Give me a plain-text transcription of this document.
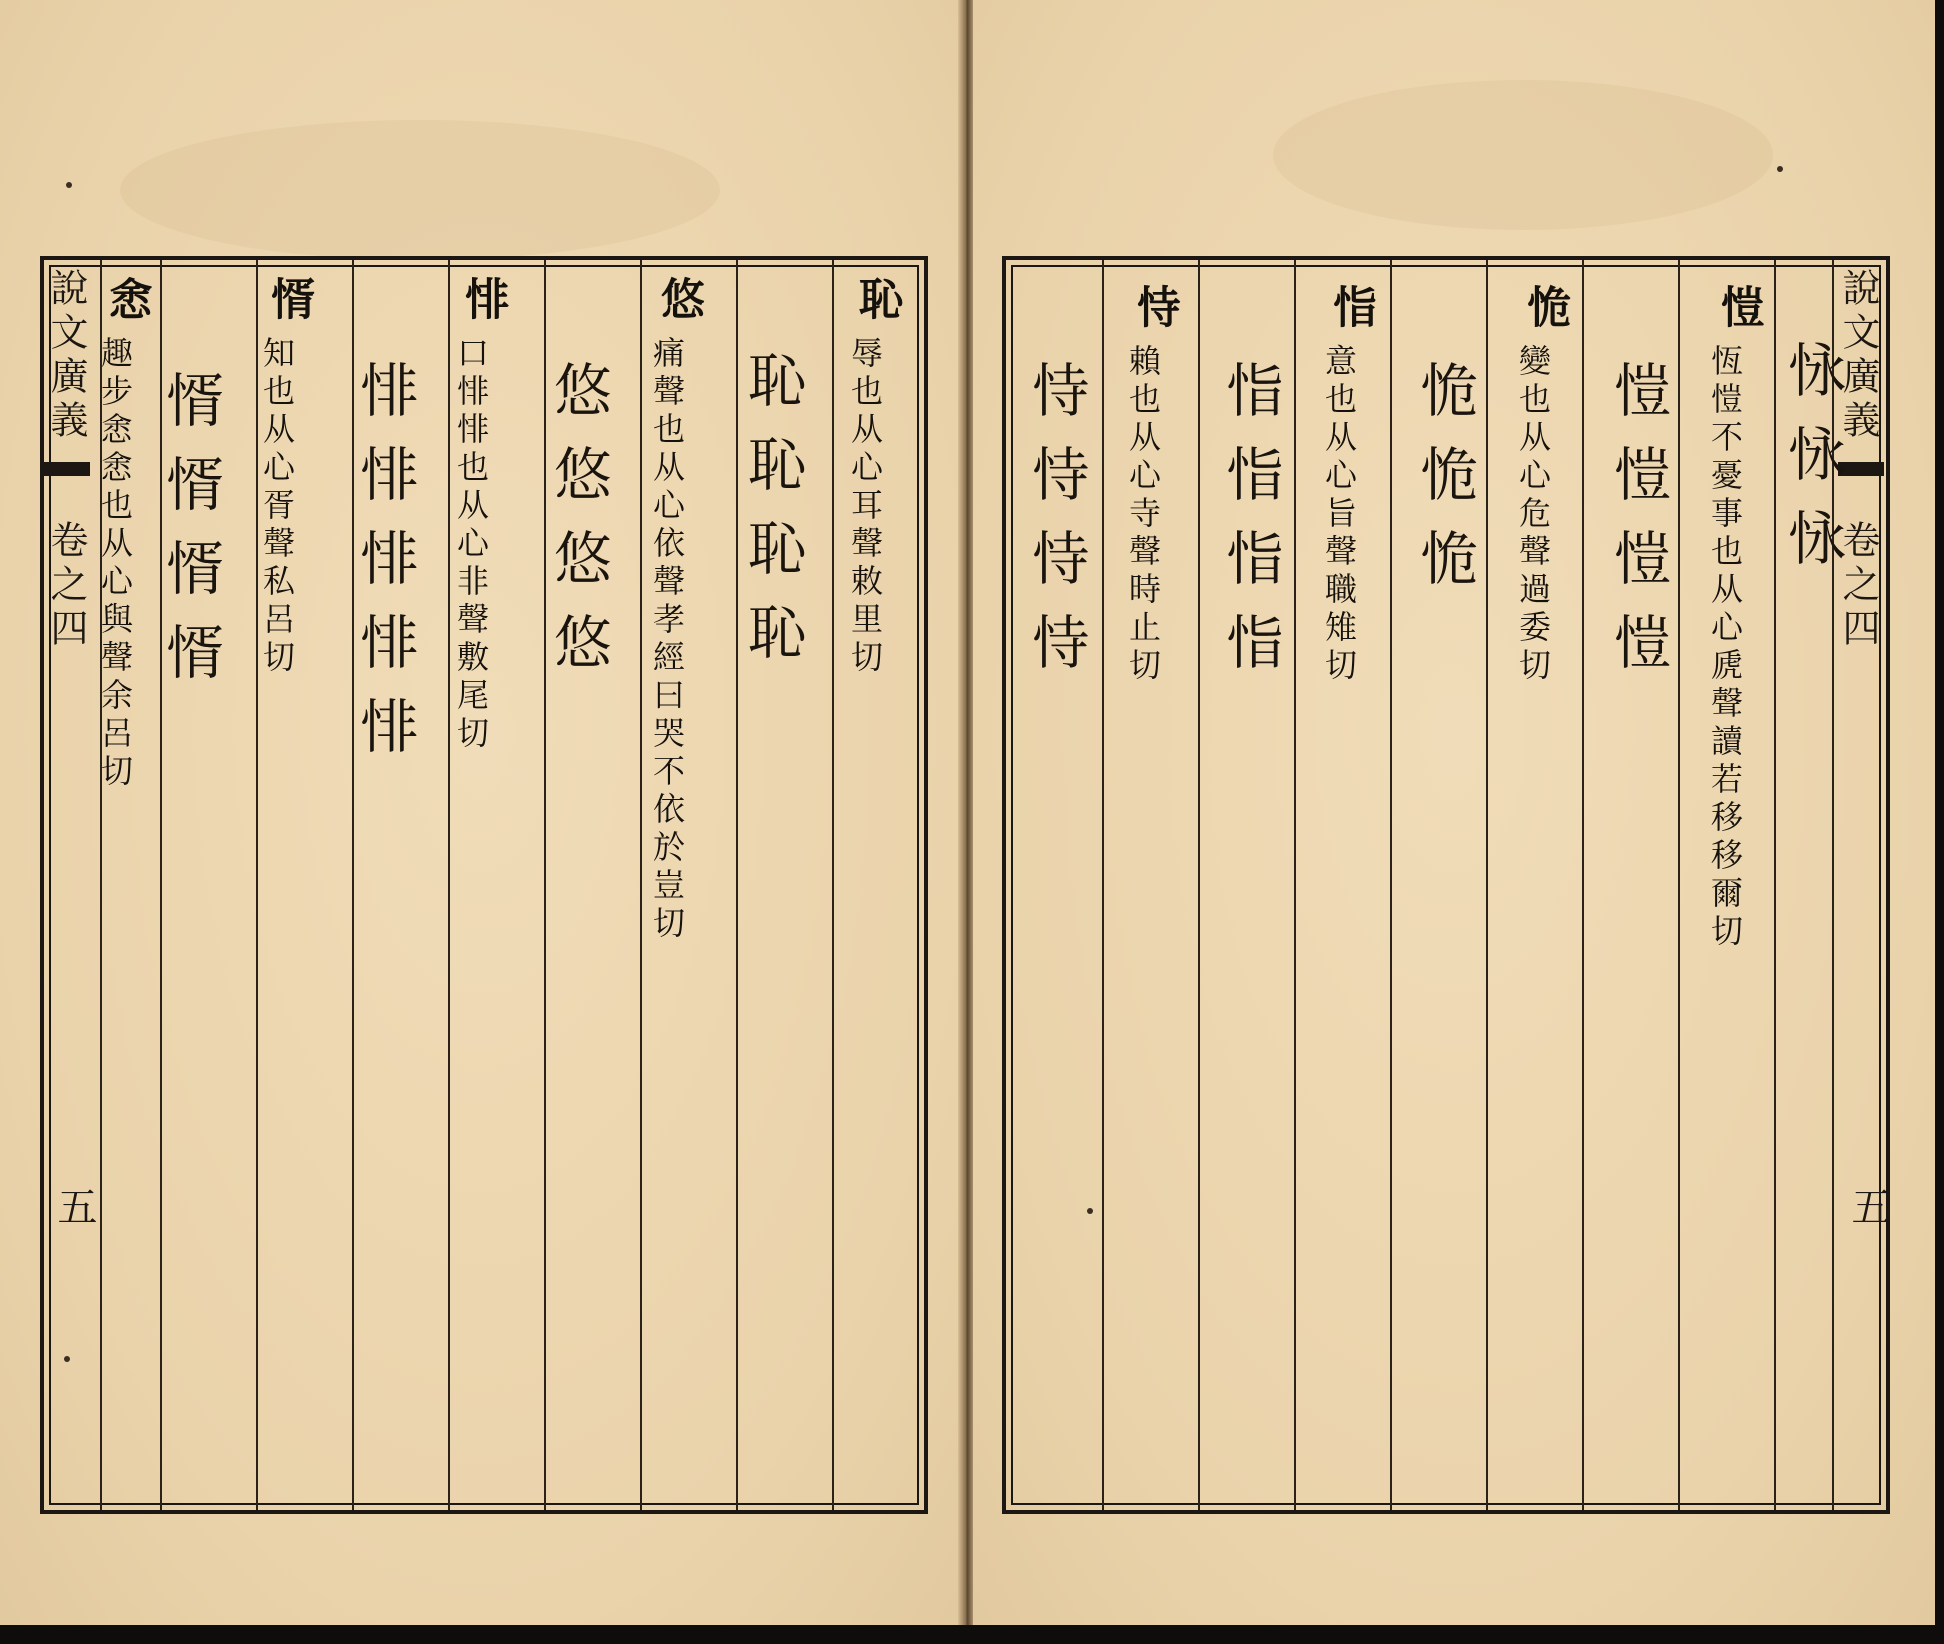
說文廣義
卷之四
五
恥
辱也从心耳聲敕里切
恥恥恥恥
悠
痛聲也从心依聲孝經曰哭不依於豈切
悠悠悠悠
悱
口悱悱也从心非聲敷尾切
悱悱悱悱悱
㥠
知也从心胥聲私呂切
㥠㥠㥠㥠
悆
趣步悆悆也从心與聲余呂切	說文廣義
卷之四
五
怺怺怺
愷
恆愷不憂事也从心虒聲讀若移移爾切
愷愷愷愷
恑
變也从心危聲過委切
恑恑恑
恉
意也从心旨聲職雉切
恉恉恉恉
恃
賴也从心寺聲時止切
恃恃恃恃
